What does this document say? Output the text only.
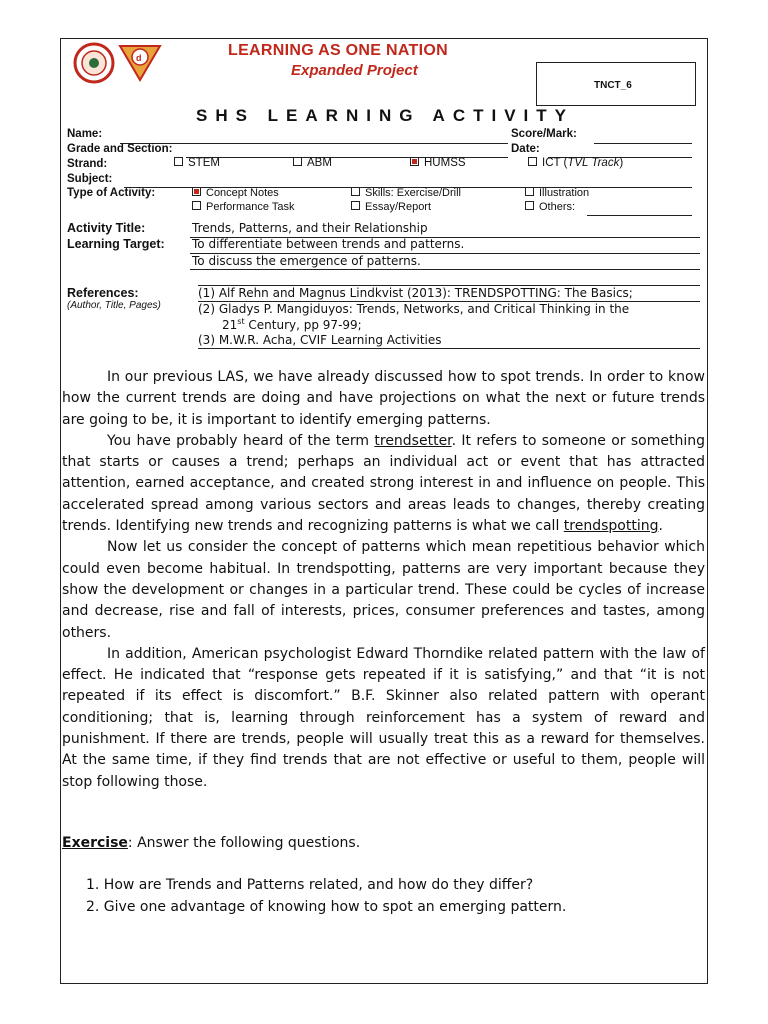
d	LEARNING AS ONE NATION
Expanded Project
TNCT_6
SHS LEARNING ACTIVITY
Name:	Score/Mark:
Grade and Section:	Date:
Strand:	STEM	ABM	HUMSS	ICT (TVL Track)
Subject:
Type of Activity:	Concept Notes	Skills: Exercise/Drill	Illustration
Performance Task	Essay/Report	Others:
Activity Title:	Trends, Patterns, and their Relationship
Learning Target: To differentiate between trends and patterns.
To discuss the emergence of patterns.
References:
(Author, Title, Pages)
(1) Alf Rehn and Magnus Lindkvist (2013): TRENDSPOTTING: The Basics;
(2) Gladys P. Mangiduyos: Trends, Networks, and Critical Thinking in the
21st Century, pp 97-99;
(3) M.W.R. Acha, CVIF Learning Activities

In our previous LAS, we have already discussed how to spot trends. In order to know how the current trends are doing and have projections on what the next or future trends are going to be, it is important to identify emerging patterns.

You have probably heard of the term trendsetter. It refers to someone or something that starts or causes a trend; perhaps an individual act or event that has attracted attention, earned acceptance, and created strong interest in and influence on people. This accelerated spread among various sectors and areas leads to changes, thereby creating trends. Identifying new trends and recognizing patterns is what we call trendspotting.

Now let us consider the concept of patterns which mean repetitious behavior which could even become habitual. In trendspotting, patterns are very important because they show the development or changes in a particular trend. These could be cycles of increase and decrease, rise and fall of interests, prices, consumer preferences and tastes, among others.

In addition, American psychologist Edward Thorndike related pattern with the law of effect. He indicated that “response gets repeated if it is satisfying,” and that “it is not repeated if its effect is discomfort.” B.F. Skinner also related pattern with operant conditioning; that is, learning through reinforcement has a system of reward and punishment. If there are trends, people will usually treat this as a reward for themselves. At the same time, if they find trends that are not effective or useful to them, people will stop following those.

Exercise: Answer the following questions.
1. How are Trends and Patterns related, and how do they differ?
2. Give one advantage of knowing how to spot an emerging pattern.
